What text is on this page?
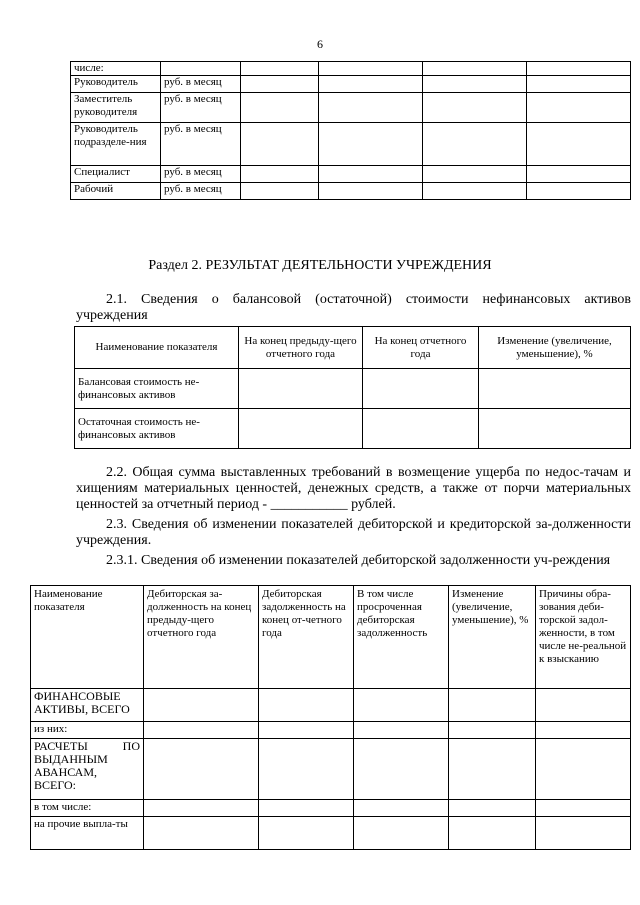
6
числе:					
Руководитель	руб. в месяц				
Заместитель руководителя	руб. в месяц				
Руководитель подразделе-ния	руб. в месяц				
Специалист	руб. в месяц				
Рабочий	руб. в месяц				
Раздел 2. РЕЗУЛЬТАТ ДЕЯТЕЛЬНОСТИ УЧРЕЖДЕНИЯ
2.1. Сведения о балансовой (остаточной) стоимости нефинансовых активов учреждения
Наименование показателя	На конец предыду-щего отчетного года	На конец отчетного года	Изменение (увеличение, уменьшение), %
Балансовая стоимость не-финансовых активов			
Остаточная стоимость не-финансовых активов			
2.2. Общая сумма выставленных требований в возмещение ущерба по недос-тачам и хищениям материальных ценностей, денежных средств, а также от порчи материальных ценностей за отчетный период - ___________ рублей.
2.3. Сведения об изменении показателей дебиторской и кредиторской за-долженности учреждения.
2.3.1. Сведения об изменении показателей дебиторской задолженности уч-реждения
Наименование показателя	Дебиторская за-долженность на конец предыду-щего отчетного года	Дебиторская задолженность на конец от-четного года	В том числе просроченная дебиторская задолженность	Изменение (увеличение, уменьшение), %	Причины обра-зования деби-торской задол-женности, в том числе не-реальной к взысканию
ФИНАНСОВЫЕ АКТИВЫ, ВСЕГО					
из них:					
РАСЧЕТЫ ПО ВЫДАННЫМ АВАНСАМ, ВСЕГО:					
в том числе:					
на прочие выпла-ты					
